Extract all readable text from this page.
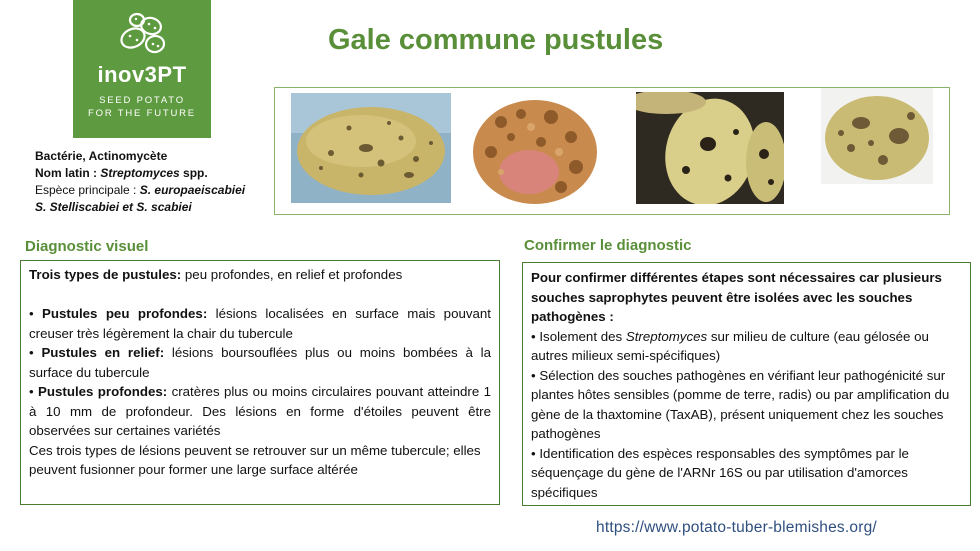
inov3PT
SEED POTATO
FOR THE FUTURE
Gale commune pustules
Bactérie, Actinomycète
Nom latin : Streptomyces spp.
Espèce principale : S. europaeiscabiei
S. Stelliscabiei et S. scabiei
Diagnostic visuel	Confirmer le diagnostic

Trois types de pustules: peu profondes, en relief et profondes

• Pustules peu profondes: lésions localisées en surface mais pouvant creuser très légèrement la chair du tubercule

• Pustules en relief: lésions boursouflées plus ou moins bombées à la surface du tubercule

• Pustules profondes: cratères plus ou moins circulaires pouvant atteindre 1 à 10 mm de profondeur. Des lésions en forme d'étoiles peuvent être observées sur certaines variétés

Ces trois types de lésions peuvent se retrouver sur un même tubercule; elles peuvent fusionner pour former une large surface altérée

Pour confirmer différentes étapes sont nécessaires car plusieurs souches saprophytes peuvent être isolées avec les souches pathogènes :

• Isolement des Streptomyces sur milieu de culture (eau gélosée ou autres milieux semi-spécifiques)

• Sélection des souches pathogènes en vérifiant leur pathogénicité sur plantes hôtes sensibles (pomme de terre, radis) ou par amplification du gène de la thaxtomine (TaxAB), présent uniquement chez les souches pathogènes

• Identification des espèces responsables des symptômes par le séquençage du gène de l'ARNr 16S ou par utilisation d'amorces spécifiques

https://www.potato-tuber-blemishes.org/
